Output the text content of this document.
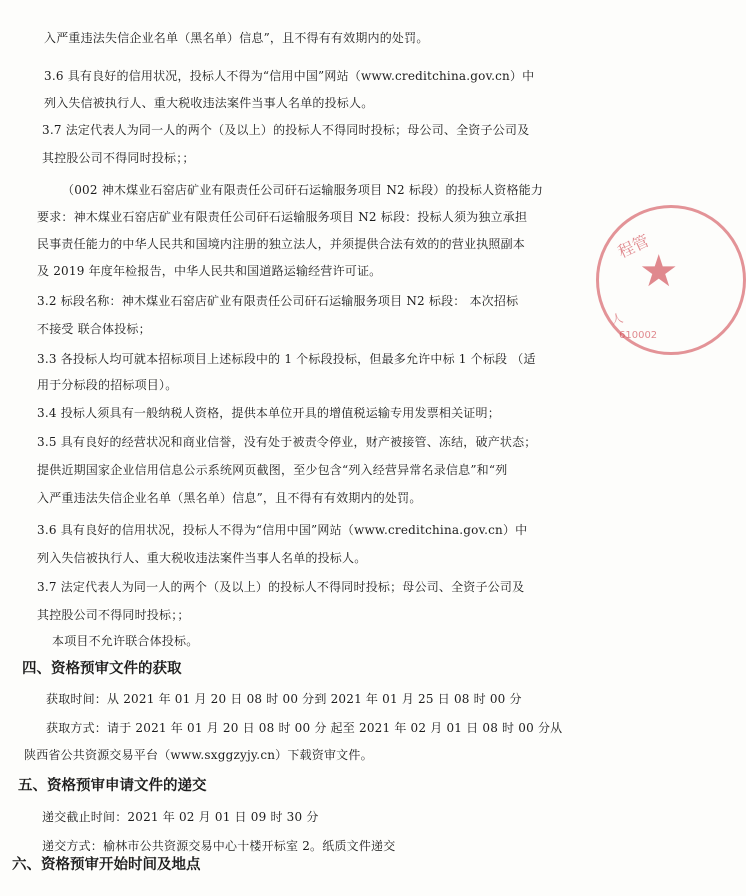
入严重违法失信企业名单（黑名单）信息”，且不得有有效期内的处罚。
3.6 具有良好的信用状况，投标人不得为“信用中国”网站（www.creditchina.gov.cn）中
列入失信被执行人、重大税收违法案件当事人名单的投标人。
3.7 法定代表人为同一人的两个（及以上）的投标人不得同时投标；母公司、全资子公司及
其控股公司不得同时投标；；
（002 神木煤业石窑店矿业有限责任公司矸石运输服务项目 N2 标段）的投标人资格能力
要求：神木煤业石窑店矿业有限责任公司矸石运输服务项目 N2 标段：投标人须为独立承担
民事责任能力的中华人民共和国境内注册的独立法人，并须提供合法有效的的营业执照副本
及 2019 年度年检报告，中华人民共和国道路运输经营许可证。
3.2 标段名称：神木煤业石窑店矿业有限责任公司矸石运输服务项目 N2 标段： 本次招标
不接受 联合体投标；
3.3 各投标人均可就本招标项目上述标段中的 1 个标段投标，但最多允许中标 1 个标段 （适
用于分标段的招标项目）。
3.4 投标人须具有一般纳税人资格，提供本单位开具的增值税运输专用发票相关证明；
3.5 具有良好的经营状况和商业信誉，没有处于被责令停业，财产被接管、冻结，破产状态；
提供近期国家企业信用信息公示系统网页截图，至少包含“列入经营异常名录信息”和“列
入严重违法失信企业名单（黑名单）信息”，且不得有有效期内的处罚。
3.6 具有良好的信用状况，投标人不得为“信用中国”网站（www.creditchina.gov.cn）中
列入失信被执行人、重大税收违法案件当事人名单的投标人。
3.7 法定代表人为同一人的两个（及以上）的投标人不得同时投标；母公司、全资子公司及
其控股公司不得同时投标；；
本项目不允许联合体投标。
四、资格预审文件的获取
获取时间：从 2021 年 01 月 20 日 08 时 00 分到 2021 年 01 月 25 日 08 时 00 分
获取方式：请于 2021 年 01 月 20 日 08 时 00 分 起至 2021 年 02 月 01 日 08 时 00 分从
陕西省公共资源交易平台（www.sxggzyjy.cn）下载资审文件。
五、资格预审申请文件的递交
递交截止时间：2021 年 02 月 01 日 09 时 30 分
递交方式：榆林市公共资源交易中心十楼开标室 2。纸质文件递交
六、资格预审开始时间及地点
程管
★
人
610002
